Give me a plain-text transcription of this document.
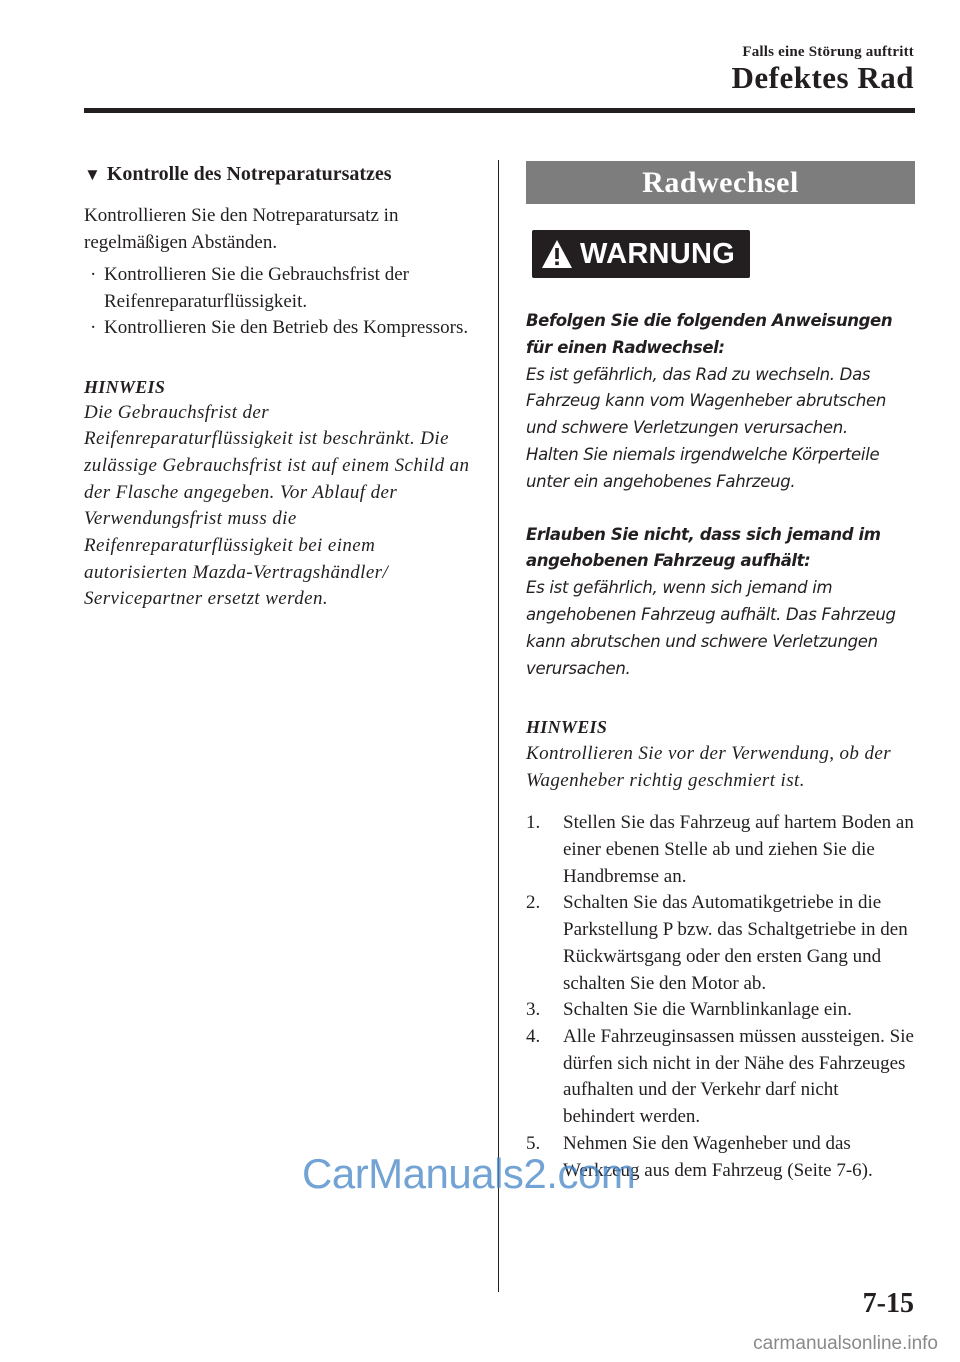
Falls eine Störung auftritt
Defektes Rad
▼ Kontrolle des Notreparatursatzes

Kontrollieren Sie den Notreparatursatz in regelmäßigen Abständen.

· Kontrollieren Sie die Gebrauchsfrist der Reifenreparaturflüssigkeit.
· Kontrollieren Sie den Betrieb des Kompressors.
HINWEIS

Die Gebrauchsfrist der Reifenreparaturflüssigkeit ist beschränkt. Die zulässige Gebrauchsfrist ist auf einem Schild an der Flasche angegeben. Vor Ablauf der Verwendungsfrist muss die Reifenreparaturflüssigkeit bei einem autorisierten Mazda-Vertragshändler/ Servicepartner ersetzt werden.

Radwechsel
WARNUNG
Befolgen Sie die folgenden Anweisungen für einen Radwechsel:
Es ist gefährlich, das Rad zu wechseln. Das Fahrzeug kann vom Wagenheber abrutschen und schwere Verletzungen verursachen.
Halten Sie niemals irgendwelche Körperteile unter ein angehobenes Fahrzeug.
Erlauben Sie nicht, dass sich jemand im angehobenen Fahrzeug aufhält:
Es ist gefährlich, wenn sich jemand im angehobenen Fahrzeug aufhält. Das Fahrzeug kann abrutschen und schwere Verletzungen verursachen.
HINWEIS

Kontrollieren Sie vor der Verwendung, ob der Wagenheber richtig geschmiert ist.

1. Stellen Sie das Fahrzeug auf hartem Boden an einer ebenen Stelle ab und ziehen Sie die Handbremse an.
2. Schalten Sie das Automatikgetriebe in die Parkstellung P bzw. das Schaltgetriebe in den Rückwärtsgang oder den ersten Gang und schalten Sie den Motor ab.
3. Schalten Sie die Warnblinkanlage ein.
4. Alle Fahrzeuginsassen müssen aussteigen. Sie dürfen sich nicht in der Nähe des Fahrzeuges aufhalten und der Verkehr darf nicht behindert werden.
5. Nehmen Sie den Wagenheber und das Werkzeug aus dem Fahrzeug (Seite 7-6).
CarManuals2.com
7-15
carmanualsonline.info
